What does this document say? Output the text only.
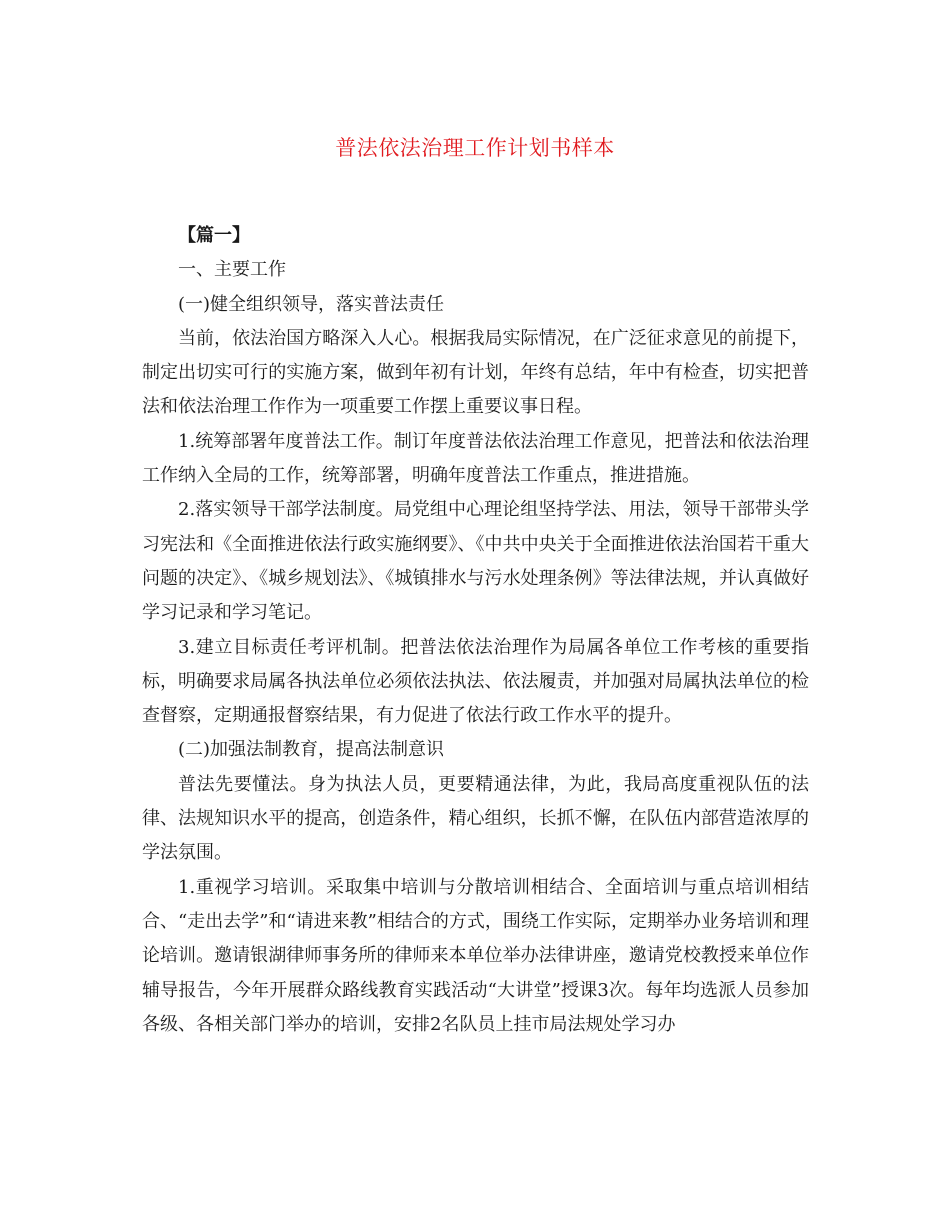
普法依法治理工作计划书样本

【篇一】

一、主要工作

(一)健全组织领导，落实普法责任

当前，依法治国方略深入人心。根据我局实际情况，在广泛征求意见的前提下，制定出切实可行的实施方案，做到年初有计划，年终有总结，年中有检查，切实把普法和依法治理工作作为一项重要工作摆上重要议事日程。

1.统筹部署年度普法工作。制订年度普法依法治理工作意见，把普法和依法治理工作纳入全局的工作，统筹部署，明确年度普法工作重点，推进措施。

2.落实领导干部学法制度。局党组中心理论组坚持学法、用法，领导干部带头学习宪法和《全面推进依法行政实施纲要》、《中共中央关于全面推进依法治国若干重大问题的决定》、《城乡规划法》、《城镇排水与污水处理条例》等法律法规，并认真做好学习记录和学习笔记。

3.建立目标责任考评机制。把普法依法治理作为局属各单位工作考核的重要指标，明确要求局属各执法单位必须依法执法、依法履责，并加强对局属执法单位的检查督察，定期通报督察结果，有力促进了依法行政工作水平的提升。

(二)加强法制教育，提高法制意识

普法先要懂法。身为执法人员，更要精通法律，为此，我局高度重视队伍的法律、法规知识水平的提高，创造条件，精心组织，长抓不懈，在队伍内部营造浓厚的学法氛围。

1.重视学习培训。采取集中培训与分散培训相结合、全面培训与重点培训相结合、“走出去学”和“请进来教”相结合的方式，围绕工作实际，定期举办业务培训和理论培训。邀请银湖律师事务所的律师来本单位举办法律讲座，邀请党校教授来单位作辅导报告，今年开展群众路线教育实践活动“大讲堂”授课3次。每年均选派人员参加各级、各相关部门举办的培训，安排2名队员上挂市局法规处学习办
